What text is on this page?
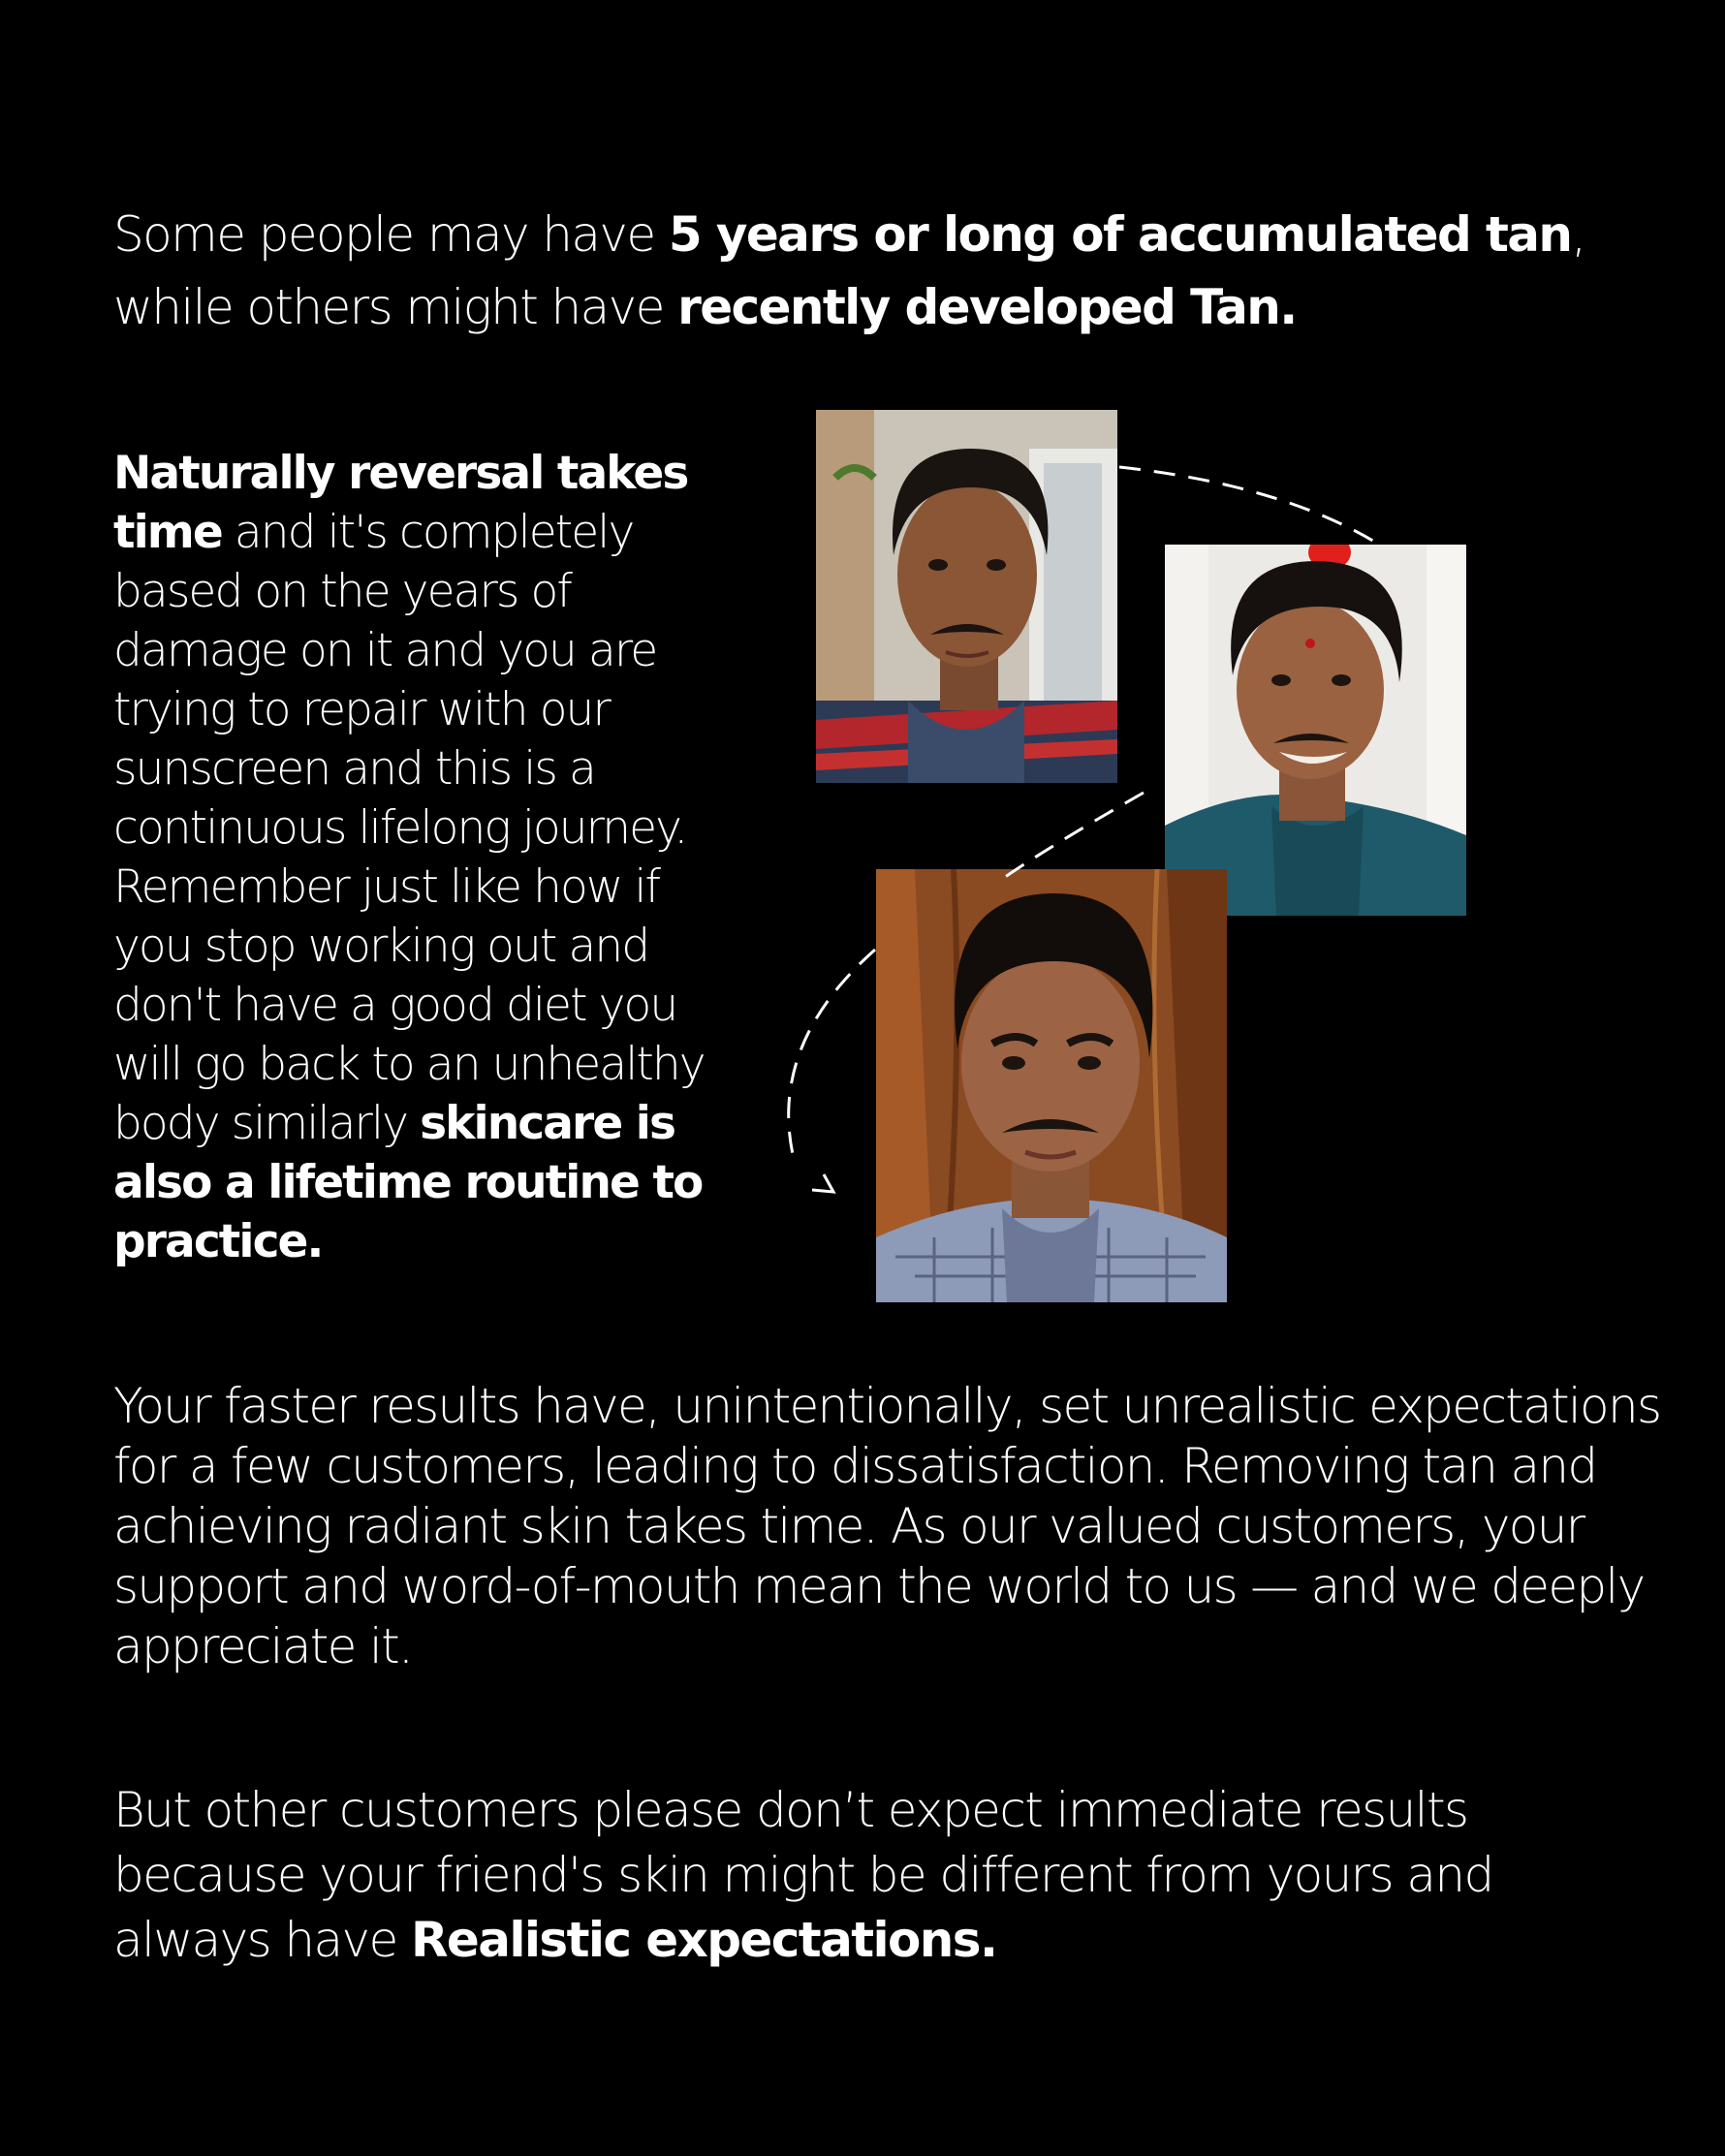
Some people may have 5 years or long of accumulated tan, while others might have recently developed Tan.

Naturally reversal takes time and it's completely based on the years of damage on it and you are trying to repair with our sunscreen and this is a continuous lifelong journey. Remember just like how if you stop working out and don't have a good diet you will go back to an unhealthy body similarly skincare is also a lifetime routine to practice.

Your faster results have, unintentionally, set unrealistic expectations for a few customers, leading to dissatisfaction. Removing tan and achieving radiant skin takes time. As our valued customers, your support and word-of-mouth mean the world to us — and we deeply appreciate it.

But other customers please don’t expect immediate results because your friend's skin might be different from yours and always have Realistic expectations.
